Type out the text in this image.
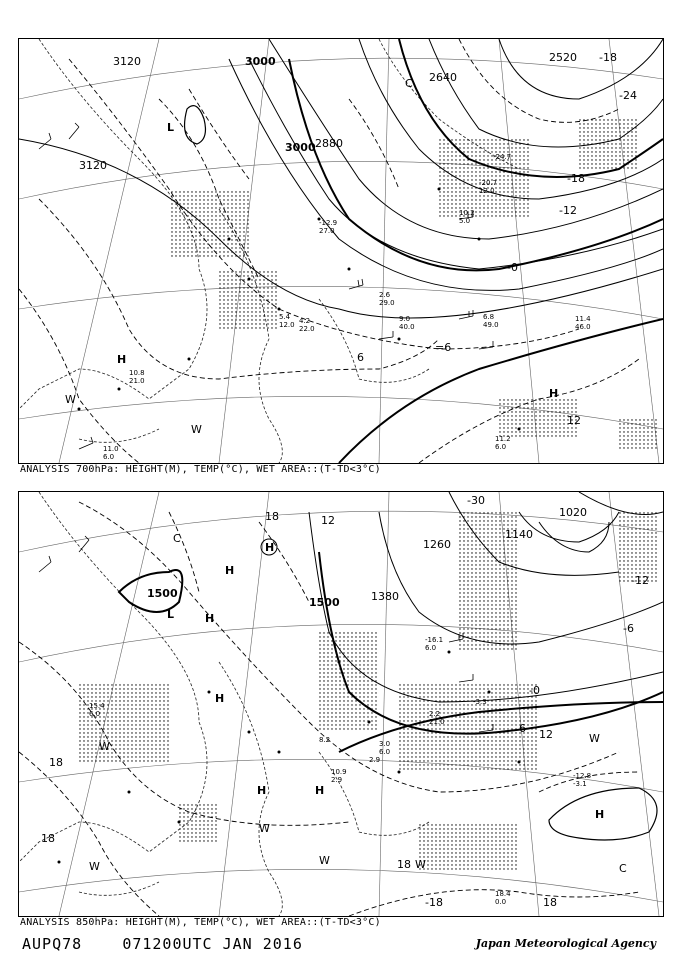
3120	3000
2880
2640
2520
3120
3000
-18
-12
-0
6
=6
12
-24
-18
H
L
C
W
W
H
10.8
21.0
2.6
29.0
9.0
40.0
6.8
49.0
11.4
46.0
11.2
6.0
11.0
6.0
-20.7
12.0
-24.7
10.2
5.0
-12.9
27.0
5.4
12.0 4.2
22.0
ANALYSIS 700hPa: HEIGHT(M), TEMP(°C), WET AREA::(T-TD<3°C)
1500
1500	1380
1260
1140
1020
18	12
-12
-6
-0
6 12
18
18
18
18
-18
-30
C
L
H
H
H
H
H	H
W
W
W	W
W
W
H
C
15.4
6.0
-12.8
-3.1
18.4
0.0
-3.3
21.0
2.2
2.9
3.0
6.0
8.2
-16.1
6.0
10.9
2.9
ANALYSIS 850hPa: HEIGHT(M), TEMP(°C), WET AREA::(T-TD<3°C)
AUPQ78	071200UTC JAN 2016	Japan Meteorological Agency
